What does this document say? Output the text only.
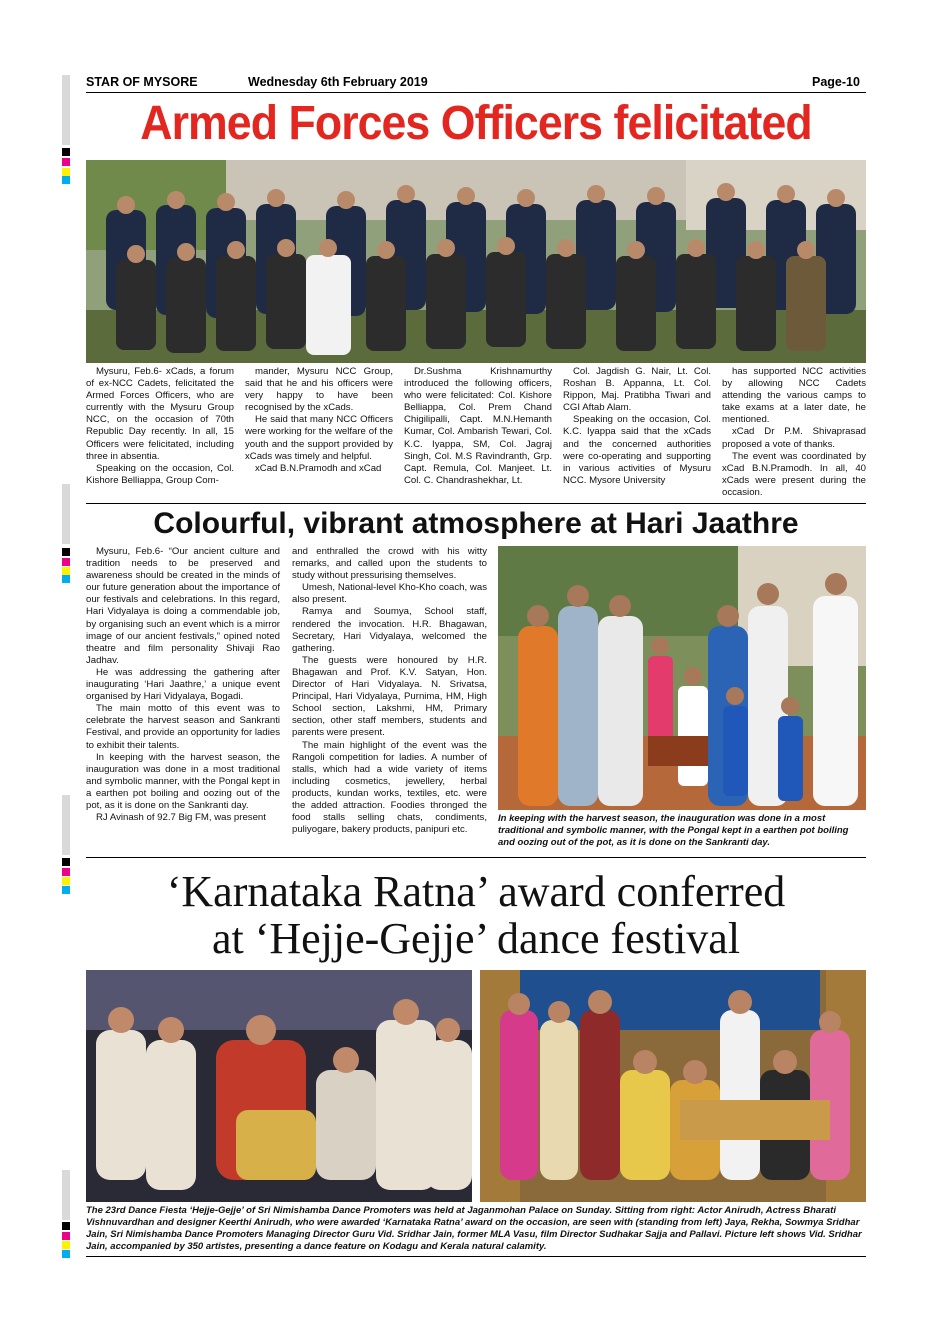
STAR OF MYSORE	Wednesday 6th February 2019	Page-10
Armed Forces Officers felicitated

Mysuru, Feb.6- xCads, a forum of ex-NCC Cadets, felicitated the Armed Forces Officers, who are currently with the Mysuru Group NCC, on the occasion of 70th Republic Day recently. In all, 15 Officers were felicitated, including three in absentia.

Speaking on the occasion, Col. Kishore Belliappa, Group Com-

mander, Mysuru NCC Group, said that he and his officers were very happy to have been recognised by the xCads.

He said that many NCC Officers were working for the welfare of the youth and the support provided by xCads was timely and helpful.

xCad B.N.Pramodh and xCad

Dr.Sushma Krishnamurthy introduced the following officers, who were felicitated: Col. Kishore Belliappa, Col. Prem Chand Chigilipalli, Capt. M.N.Hemanth Kumar, Col. Ambarish Tewari, Col. K.C. Iyappa, SM, Col. Jagraj Singh, Col. M.S Ravindranth, Grp. Capt. Remula, Col. Manjeet. Lt. Col. C. Chandrashekhar, Lt.

Col. Jagdish G. Nair, Lt. Col. Roshan B. Appanna, Lt. Col. Rippon, Maj. Pratibha Tiwari and CGI Aftab Alam.

Speaking on the occasion, Col. K.C. Iyappa said that the xCads and the concerned authorities were co-operating and supporting in various activities of Mysuru NCC. Mysore University

has supported NCC activities by allowing NCC Cadets attending the various camps to take exams at a later date, he mentioned.

xCad Dr P.M. Shivaprasad proposed a vote of thanks.

The event was coordinated by xCad B.N.Pramodh. In all, 40 xCads were present during the occasion.

Colourful, vibrant atmosphere at Hari Jaathre

Mysuru, Feb.6- “Our ancient culture and tradition needs to be preserved and awareness should be created in the minds of our future generation about the importance of our festivals and celebrations. In this regard, Hari Vidyalaya is doing a commendable job, by organising such an event which is a mirror image of our ancient festivals,” opined noted theatre and film personality Shivaji Rao Jadhav.

He was addressing the gathering after inaugurating ‘Hari Jaathre,’ a unique event organised by Hari Vidyalaya, Bogadi.

The main motto of this event was to celebrate the harvest season and Sankranti Festival, and provide an opportunity for ladies to exhibit their talents.

In keeping with the harvest season, the inauguration was done in a most traditional and symbolic manner, with the Pongal kept in a earthen pot boiling and oozing out of the pot, as it is done on the Sankranti day.

RJ Avinash of 92.7 Big FM, was present

and enthralled the crowd with his witty remarks, and called upon the students to study without pressurising themselves.

Umesh, National-level Kho-Kho coach, was also present.

Ramya and Soumya, School staff, rendered the invocation. H.R. Bhagawan, Secretary, Hari Vidyalaya, welcomed the gathering.

The guests were honoured by H.R. Bhagawan and Prof. K.V. Satyan, Hon. Director of Hari Vidyalaya. N. Srivatsa, Principal, Hari Vidyalaya, Purnima, HM, High School section, Lakshmi, HM, Primary section, other staff members, students and parents were present.

The main highlight of the event was the Rangoli competition for ladies. A number of stalls, which had a wide variety of items including cosmetics, jewellery, herbal products, kundan works, textiles, etc. were the added attraction. Foodies thronged the food stalls selling chats, condiments, puliyogare, bakery products, panipuri etc.

In keeping with the harvest season, the inauguration was done in a most traditional and symbolic manner, with the Pongal kept in a earthen pot boiling and oozing out of the pot, as it is done on the Sankranti day.
‘Karnataka Ratna’ award conferred
at ‘Hejje-Gejje’ dance festival
The 23rd Dance Fiesta ‘Hejje-Gejje’ of Sri Nimishamba Dance Promoters was held at Jaganmohan Palace on Sunday. Sitting from right: Actor Anirudh, Actress Bharati Vishnuvardhan and designer Keerthi Anirudh, who were awarded ‘Karnataka Ratna’ award on the occasion, are seen with (standing from left) Jaya, Rekha, Sowmya Sridhar Jain, Sri Nimishamba Dance Promoters Managing Director Guru Vid. Sridhar Jain, former MLA Vasu, film Director Sudhakar Sajja and Pallavi. Picture left shows Vid. Sridhar Jain, accompanied by 350 artistes, presenting a dance feature on Kodagu and Kerala natural calamity.
